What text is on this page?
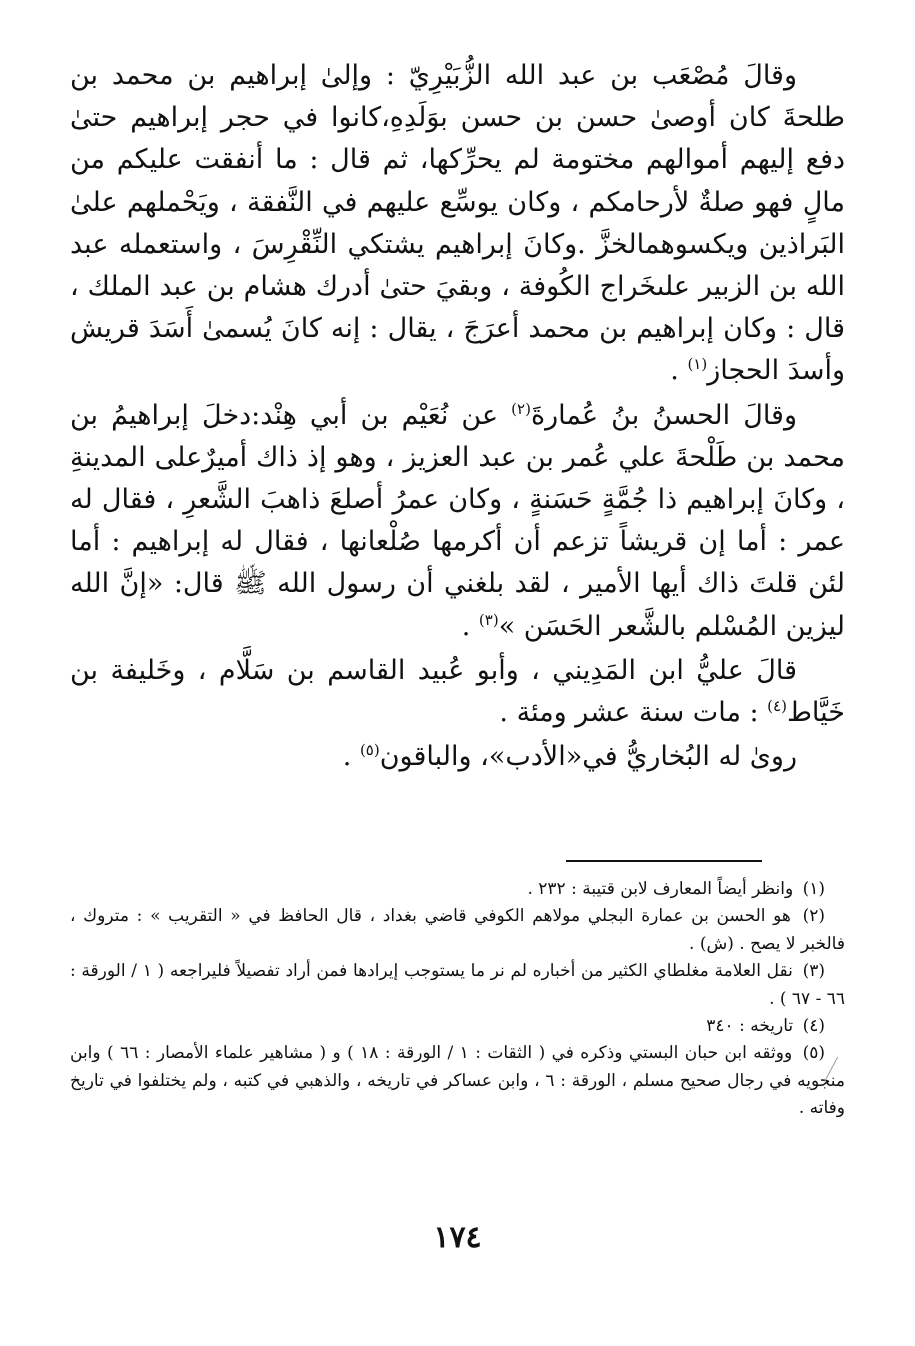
وقالَ مُصْعَب بن عبد الله الزُّبَيْرِيّ : وإلىٰ إبراهيم بن محمد بن طلحةَ كان أوصىٰ حسن بن حسن بوَلَدِهِ،كانوا في حجر إبراهيم حتىٰ دفع إليهم أموالهم مختومة لم يحرِّكها، ثم قال : ما أنفقت عليكم من مالٍ فهو صلةٌ لأرحامكم ، وكان يوسِّع عليهم في النَّفقة ، ويَحْملهم علىٰ البَراذين ويكسوهمالخزَّ .وكانَ إبراهيم يشتكي النِّقْرِسَ ، واستعمله عبد الله بن الزبير علىخَراج الكُوفة ، وبقيَ حتىٰ أدرك هشام بن عبد الملك ، قال : وكان إبراهيم بن محمد أعرَجَ ، يقال : إنه كانَ يُسمىٰ أَسَدَ قريش وأسدَ الحجاز$^{(١)}$ .

وقالَ الحسنُ بنُ عُمارةَ$^{(٢)}$ عن نُعَيْم بن أبي هِنْد:دخلَ إبراهيمُ بن محمد بن طَلْحةَ علي عُمر بن عبد العزيز ، وهو إذ ذاك أميرٌعلى المدينةِ ، وكانَ إبراهيم ذا جُمَّةٍ حَسَنةٍ ، وكان عمرُ أصلعَ ذاهبَ الشَّعرِ ، فقال له عمر : أما إن قريشاً تزعم أن أكرمها صُلْعانها ، فقال له إبراهيم : أما لئن قلتَ ذاك أيها الأمير ، لقد بلغني أن رسول الله ﷺ قال: «إنَّ الله ليزين المُسْلم بالشَّعر الحَسَن »$^{(٣)}$ .

قالَ عليُّ ابن المَدِيني ، وأبو عُبيد القاسم بن سَلَّام ، وخَليفة بن خَيَّاط$^{(٤)}$ : مات سنة عشر ومئة .

روىٰ له البُخاريُّ في«الأدب»، والباقون$^{(٥)}$ .

(١) وانظر أيضاً المعارف لابن قتيبة : ٢٣٢ .

(٢) هو الحسن بن عمارة البجلي مولاهم الكوفي قاضي بغداد ، قال الحافظ في « التقريب » : متروك ، فالخبر لا يصح . (ش) .

(٣) نقل العلامة مغلطاي الكثير من أخباره لم نر ما يستوجب إيرادها فمن أراد تفصيلاً فليراجعه ( ١ / الورقة : ٦٦ - ٦٧ ) .

(٤) تاريخه : ٣٤٠

(٥) ووثقه ابن حبان البستي وذكره في ( الثقات : ١ / الورقة : ١٨ ) و ( مشاهير علماء الأمصار : ٦٦ ) وابن منجويه في رجال صحيح مسلم ، الورقة : ٦ ، وابن عساكر في تاريخه ، والذهبي في كتبه ، ولم يختلفوا في تاريخ وفاته .

١٧٤
